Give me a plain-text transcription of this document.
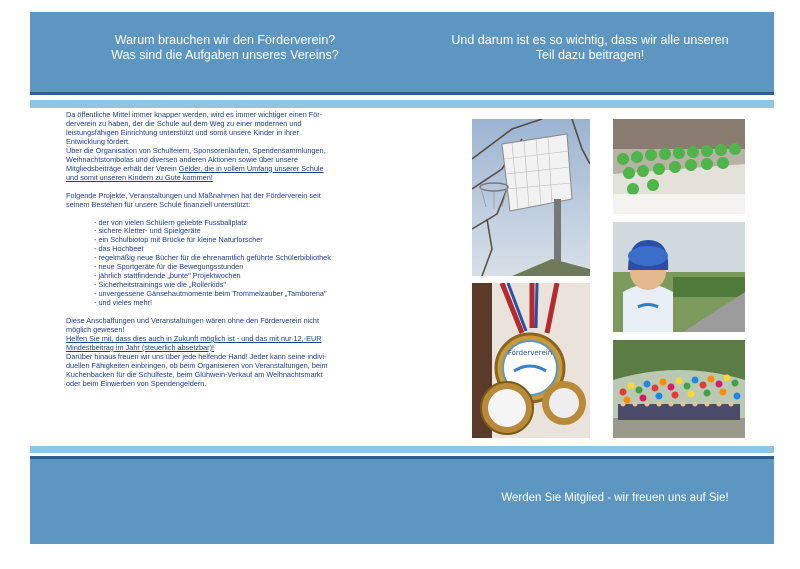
Warum brauchen wir den Förderverein?
Was sind die Aufgaben unseres Vereins?
Und darum ist es so wichtig, dass wir alle unseren
Teil dazu beitragen!

Da öffentliche Mittel immer knapper werden, wird es immer wichtiger einen För-

derverein zu haben, der die Schule auf dem Weg zu einer modernen und

leistungsfähigen Einrichtung unterstützt und somit unsere Kinder in ihrer

Entwicklung fördert.

Über die Organisation von Schulfeiern, Sponsorenläufen, Spendensammlungen,

Weihnachtstombolas und diversen anderen Aktionen sowie über unsere

Mitgliedsbeiträge erhält der Verein Gelder, die in vollem Umfang unserer Schule

und somit unseren Kindern zu Gute kommen!

Folgende Projekte, Veranstaltungen und Maßnahmen hat der Förderverein seit

seinem Bestehen für unsere Schule finanziell unterstützt:

- der von vielen Schülern geliebte Fussballplatz
- sichere Kletter- und Spielgeräte
- ein Schulbiotop mit Brücke für kleine Naturforscher
- das Hochbeet
- regelmäßig neue Bücher für die ehrenamtlich geführte Schülerbibliothek
- neue Sportgeräte für die Bewegungsstunden
- jährlich stattfindende „bunte" Projektwochen
- Sicherheitstrainings wie die „Rollerkids"
- unvergessene Gänsehautmomente beim Trommelzauber „Tamborena"
- und vieles mehr!

Diese Anschaffungen und Veranstaltungen wären ohne den Förderverein nicht

möglich gewesen!

Helfen Sie mit, dass dies auch in Zukunft möglich ist - und das mit nur 12,-EUR

Mindestbeitrag im Jahr (steuerlich absetzbar)!

Darüber hinaus freuen wir uns über jede helfende Hand! Jeder kann seine indivi-

duellen Fähigkeiten einbringen, ob beim Organisieren von Veranstaltungen, beim

Kuchenbacken für die Schulfeste, beim Glühwein-Verkauf am Weihnachtsmarkt

oder beim Einwerben von Spendengeldern.

Förderverein
Werden Sie Mitglied - wir freuen uns auf Sie!
